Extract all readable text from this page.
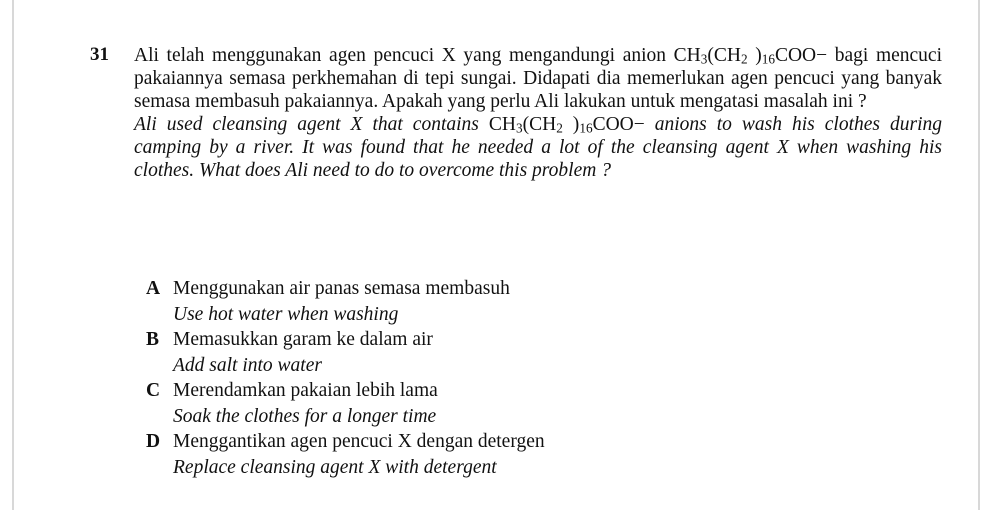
31 Ali telah menggunakan agen pencuci X yang mengandungi anion $CH_3(CH_2$ )$_{16}COO-$ bagi mencuci pakaiannya semasa perkhemahan di tepi sungai. Didapati dia memerlukan agen pencuci yang banyak semasa membasuh pakaiannya. Apakah yang perlu Ali lakukan untuk mengatasi masalah ini ?

Ali used cleansing agent X that contains $CH_3(CH_2$ )$_{16}COO-$ anions to wash his clothes during camping by a river. It was found that he needed a lot of the cleansing agent X when washing his clothes. What does Ali need to do to overcome this problem ?

A Menggunakan air panas semasa membasuh
Use hot water when washing
B Memasukkan garam ke dalam air
Add salt into water
C Merendamkan pakaian lebih lama
Soak the clothes for a longer time
D Menggantikan agen pencuci X dengan detergen
Replace cleansing agent X with detergent
